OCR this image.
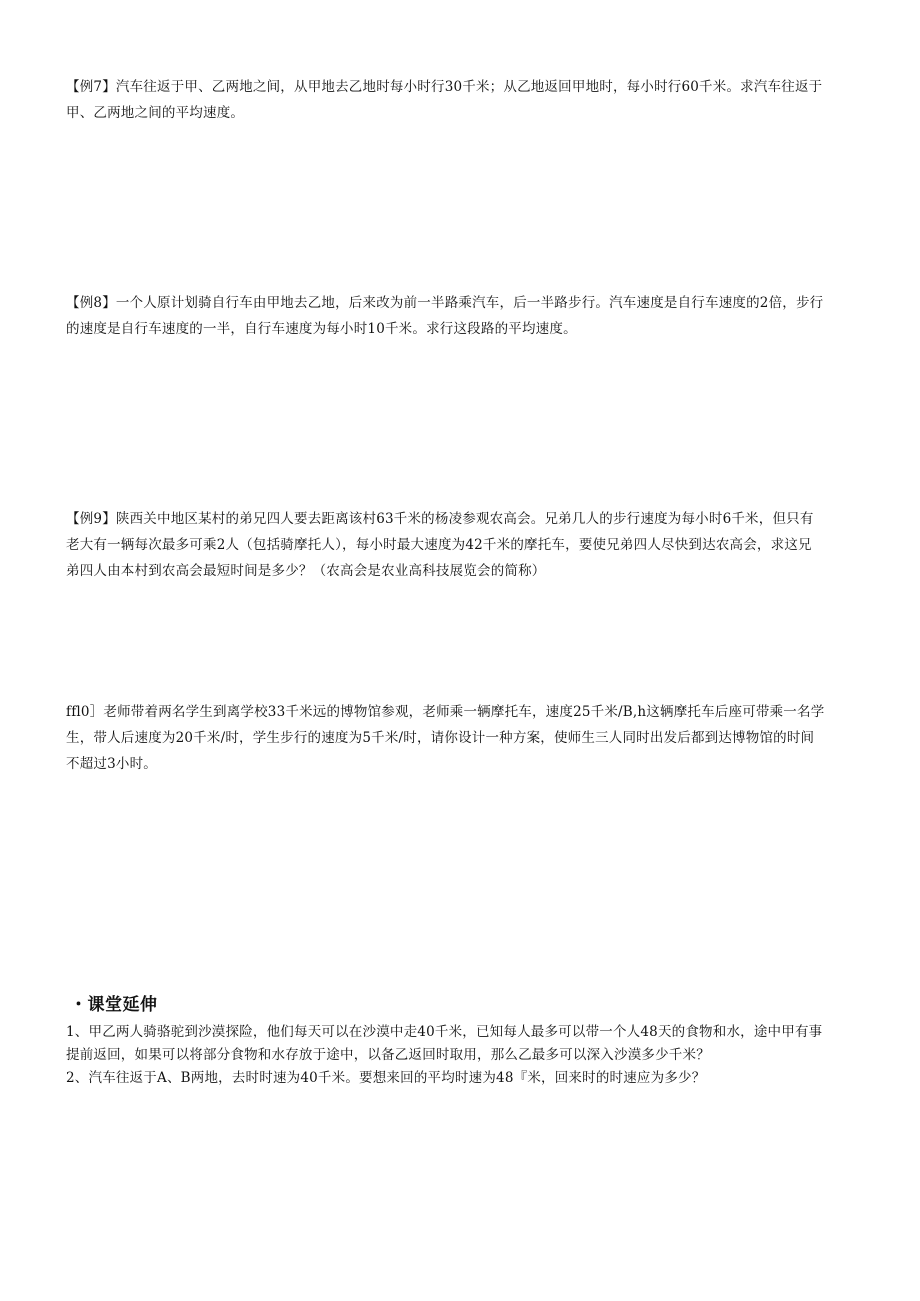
【例7】汽车往返于甲、乙两地之间，从甲地去乙地时每小时行30千米；从乙地返回甲地时，每小时行60千米。求汽车往返于
甲、乙两地之间的平均速度。
【例8】一个人原计划骑自行车由甲地去乙地，后来改为前一半路乘汽车，后一半路步行。汽车速度是自行车速度的2倍，步行
的速度是自行车速度的一半，自行车速度为每小时10千米。求行这段路的平均速度。
【例9】陕西关中地区某村的弟兄四人要去距离该村63千米的杨凌参观农高会。兄弟几人的步行速度为每小时6千米，但只有
老大有一辆每次最多可乘2人（包括骑摩托人），每小时最大速度为42千米的摩托车，要使兄弟四人尽快到达农高会，求这兄
弟四人由本村到农高会最短时间是多少？（农高会是农业高科技展览会的简称）
ffl0］老师带着两名学生到离学校33千米远的博物馆参观，老师乘一辆摩托车，速度25千米/B,h这辆摩托车后座可带乘一名学
生，带人后速度为20千米/时，学生步行的速度为5千米/时，请你设计一种方案，使师生三人同时出发后都到达博物馆的时间
不超过3小时。
・课堂延伸
1、甲乙两人骑骆驼到沙漠探险，他们每天可以在沙漠中走40千米，已知每人最多可以带一个人48天的食物和水，途中甲有事
提前返回，如果可以将部分食物和水存放于途中，以备乙返回时取用，那么乙最多可以深入沙漠多少千米？
2、汽车往返于A、B两地，去时时速为40千米。要想来回的平均时速为48『米，回来时的时速应为多少？
